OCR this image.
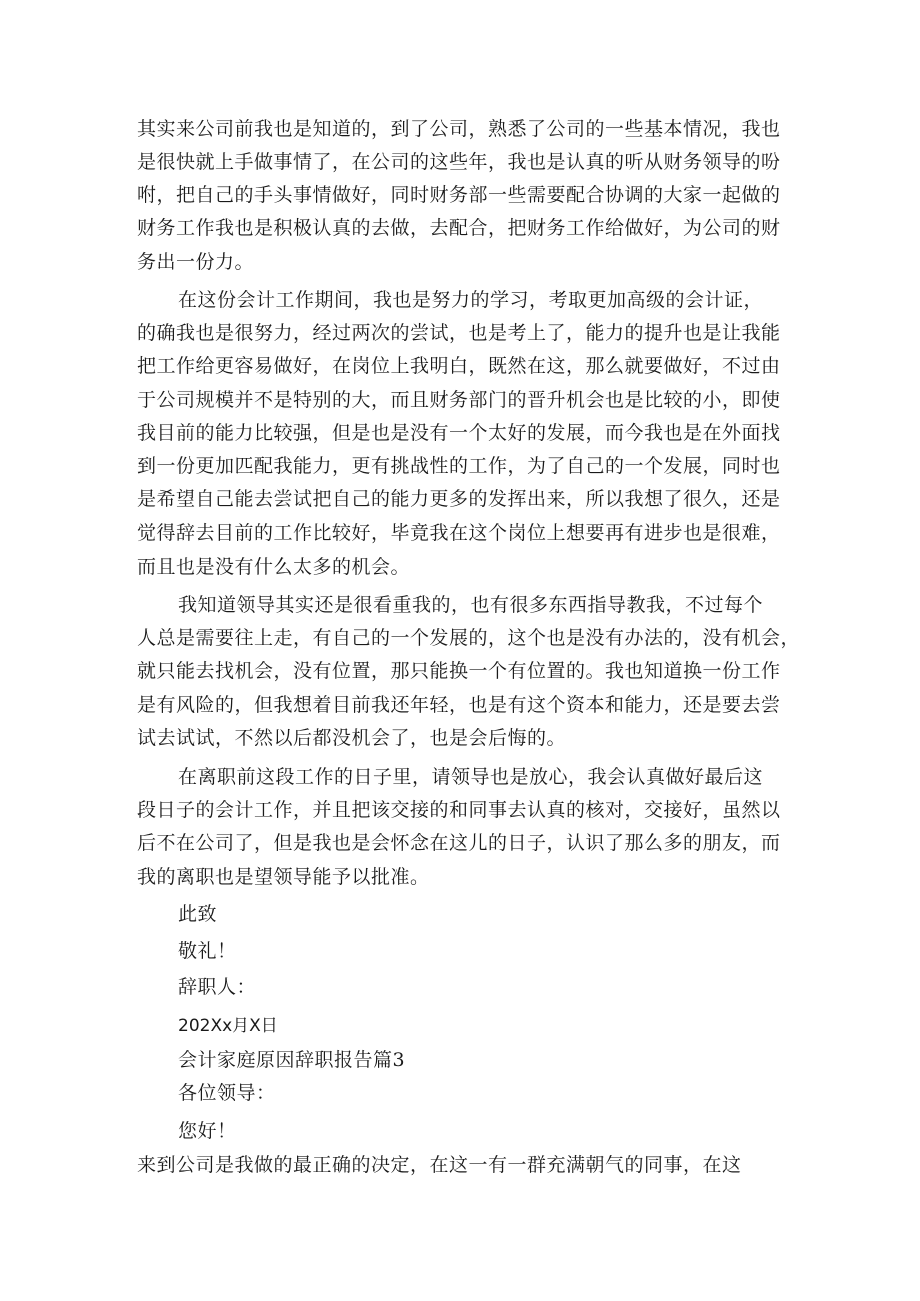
其实来公司前我也是知道的，到了公司，熟悉了公司的一些基本情况，我也
是很快就上手做事情了，在公司的这些年，我也是认真的听从财务领导的吩
咐，把自己的手头事情做好，同时财务部一些需要配合协调的大家一起做的
财务工作我也是积极认真的去做，去配合，把财务工作给做好，为公司的财
务出一份力。
在这份会计工作期间，我也是努力的学习，考取更加高级的会计证，
的确我也是很努力，经过两次的尝试，也是考上了，能力的提升也是让我能
把工作给更容易做好，在岗位上我明白，既然在这，那么就要做好，不过由
于公司规模并不是特别的大，而且财务部门的晋升机会也是比较的小，即使
我目前的能力比较强，但是也是没有一个太好的发展，而今我也是在外面找
到一份更加匹配我能力，更有挑战性的工作，为了自己的一个发展，同时也
是希望自己能去尝试把自己的能力更多的发挥出来，所以我想了很久，还是
觉得辞去目前的工作比较好，毕竟我在这个岗位上想要再有进步也是很难，
而且也是没有什么太多的机会。
我知道领导其实还是很看重我的，也有很多东西指导教我，不过每个
人总是需要往上走，有自己的一个发展的，这个也是没有办法的，没有机会，
就只能去找机会，没有位置，那只能换一个有位置的。我也知道换一份工作
是有风险的，但我想着目前我还年轻，也是有这个资本和能力，还是要去尝
试去试试，不然以后都没机会了，也是会后悔的。
在离职前这段工作的日子里，请领导也是放心，我会认真做好最后这
段日子的会计工作，并且把该交接的和同事去认真的核对，交接好，虽然以
后不在公司了，但是我也是会怀念在这儿的日子，认识了那么多的朋友，而
我的离职也是望领导能予以批准。
此致
敬礼！
辞职人：
202Xx月X日
会计家庭原因辞职报告篇3
各位领导：
您好！
来到公司是我做的最正确的决定，在这一有一群充满朝气的同事，在这
